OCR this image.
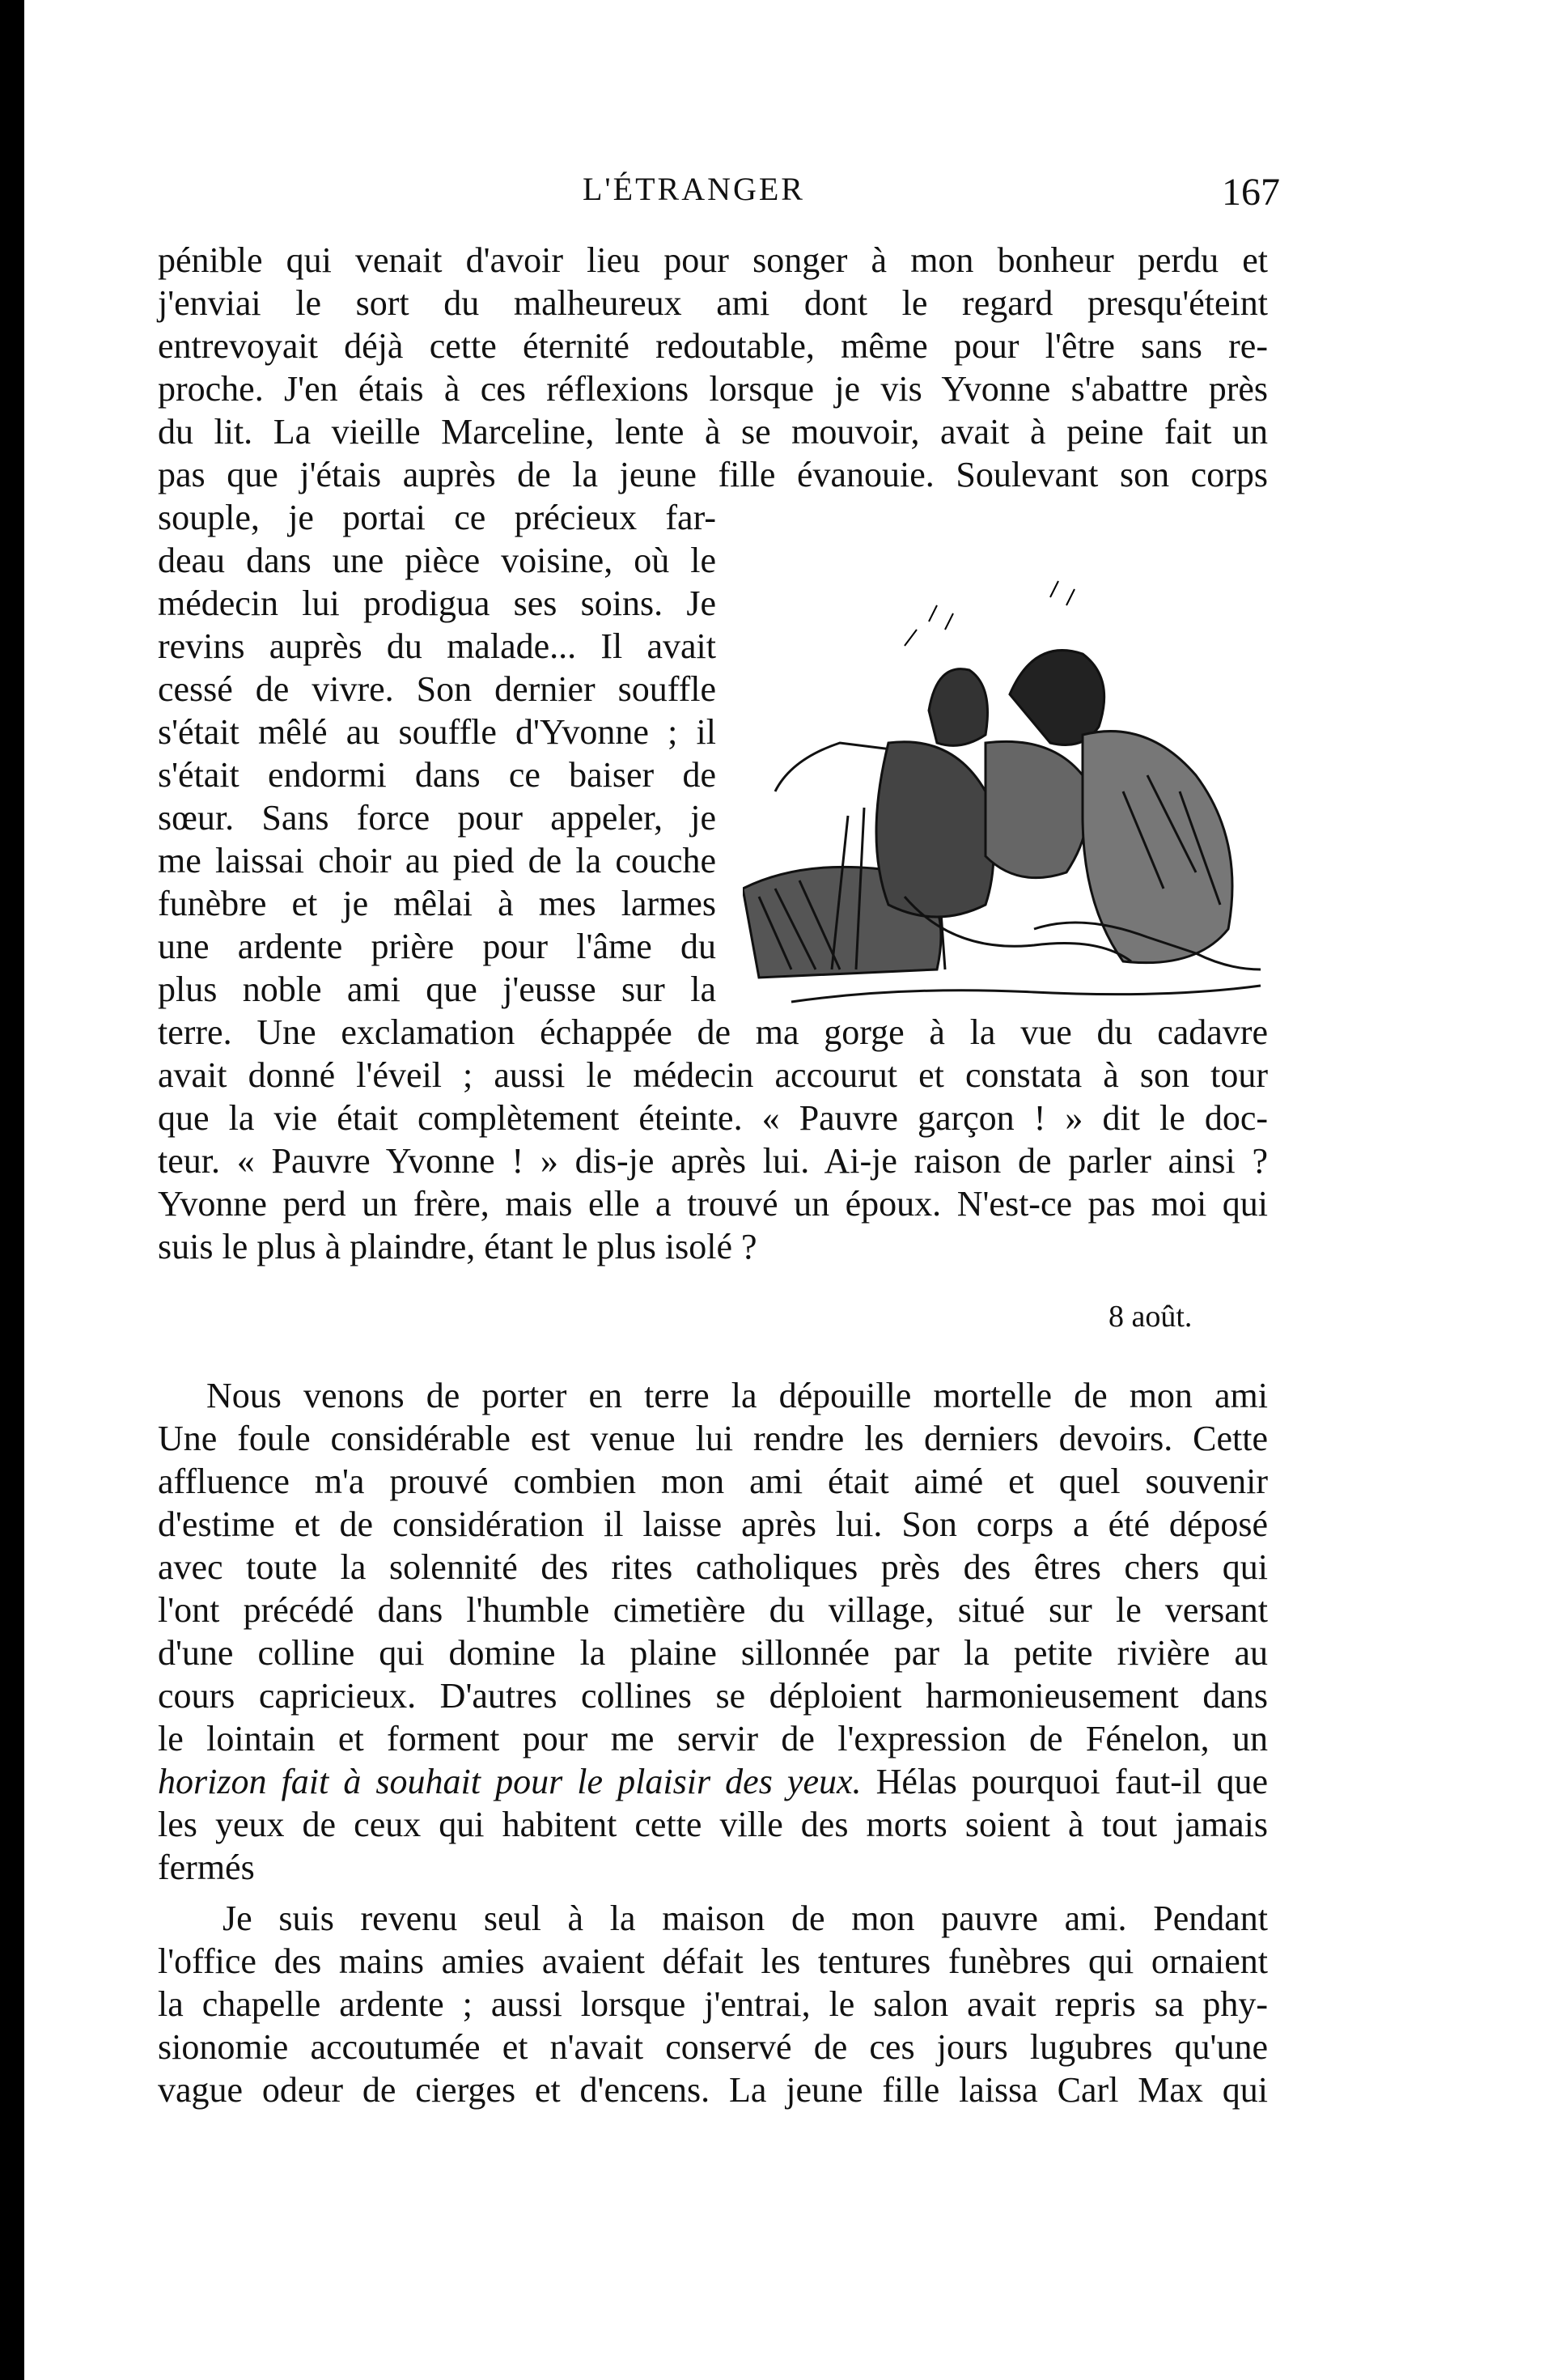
L'ÉTRANGER	167
pénible qui venait d'avoir lieu pour songer à mon bonheur perdu et
j'enviai le sort du malheureux ami dont le regard presqu'éteint
entrevoyait déjà cette éternité redoutable, même pour l'être sans re-
proche. J'en étais à ces réflexions lorsque je vis Yvonne s'abattre près
du lit. La vieille Marceline, lente à se mouvoir, avait à peine fait un
pas que j'étais auprès de la jeune fille évanouie. Soulevant son corps
souple, je portai ce précieux far-
deau dans une pièce voisine, où le
médecin lui prodigua ses soins. Je
revins auprès du malade... Il avait
cessé de vivre. Son dernier souffle
s'était mêlé au souffle d'Yvonne ; il
s'était endormi dans ce baiser de
sœur. Sans force pour appeler, je
me laissai choir au pied de la couche
funèbre et je mêlai à mes larmes
une ardente prière pour l'âme du
plus noble ami que j'eusse sur la
terre. Une exclamation échappée de ma gorge à la vue du cadavre
avait donné l'éveil ; aussi le médecin accourut et constata à son tour
que la vie était complètement éteinte. « Pauvre garçon ! » dit le doc-
teur. « Pauvre Yvonne ! » dis-je après lui. Ai-je raison de parler ainsi ?
Yvonne perd un frère, mais elle a trouvé un époux. N'est-ce pas moi qui
suis le plus à plaindre, étant le plus isolé ?
8 août.
Nous venons de porter en terre la dépouille mortelle de mon ami
Une foule considérable est venue lui rendre les derniers devoirs. Cette
affluence m'a prouvé combien mon ami était aimé et quel souvenir
d'estime et de considération il laisse après lui. Son corps a été déposé
avec toute la solennité des rites catholiques près des êtres chers qui
l'ont précédé dans l'humble cimetière du village, situé sur le versant
d'une colline qui domine la plaine sillonnée par la petite rivière au
cours capricieux. D'autres collines se déploient harmonieusement dans
le lointain et forment pour me servir de l'expression de Fénelon, un
horizon fait à souhait pour le plaisir des yeux. Hélas pourquoi faut-il que
les yeux de ceux qui habitent cette ville des morts soient à tout jamais
fermés
Je suis revenu seul à la maison de mon pauvre ami. Pendant
l'office des mains amies avaient défait les tentures funèbres qui ornaient
la chapelle ardente ; aussi lorsque j'entrai, le salon avait repris sa phy-
sionomie accoutumée et n'avait conservé de ces jours lugubres qu'une
vague odeur de cierges et d'encens. La jeune fille laissa Carl Max qui
